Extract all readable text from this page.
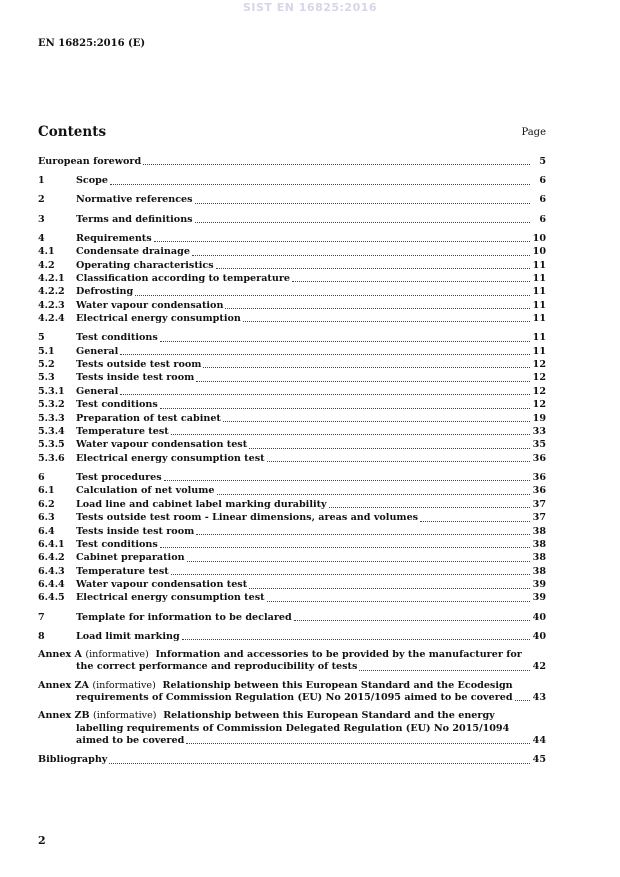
SIST EN 16825:2016
EN 16825:2016 (E)
Contents	Page
European foreword	5
1	Scope	6
2	Normative references	6
3	Terms and definitions	6
4	Requirements	10
4.1	Condensate drainage	10
4.2	Operating characteristics	11
4.2.1	Classification according to temperature	11
4.2.2	Defrosting	11
4.2.3	Water vapour condensation	11
4.2.4	Electrical energy consumption	11
5	Test conditions	11
5.1	General	11
5.2	Tests outside test room	12
5.3	Tests inside test room	12
5.3.1	General	12
5.3.2	Test conditions	12
5.3.3	Preparation of test cabinet	19
5.3.4	Temperature test	33
5.3.5	Water vapour condensation test	35
5.3.6	Electrical energy consumption test	36
6	Test procedures	36
6.1	Calculation of net volume	36
6.2	Load line and cabinet label marking durability	37
6.3	Tests outside test room - Linear dimensions, areas and volumes	37
6.4	Tests inside test room	38
6.4.1	Test conditions	38
6.4.2	Cabinet preparation	38
6.4.3	Temperature test	38
6.4.4	Water vapour condensation test	39
6.4.5	Electrical energy consumption test	39
7	Template for information to be declared	40
8	Load limit marking	40
Annex A (informative) Information and accessories to be provided by the manufacturer for
the correct performance and reproducibility of tests	42
Annex ZA (informative) Relationship between this European Standard and the Ecodesign
requirements of Commission Regulation (EU) No 2015/1095 aimed to be covered 43
Annex ZB (informative) Relationship between this European Standard and the energy
labelling requirements of Commission Delegated Regulation (EU) No 2015/1094
aimed to be covered	44
Bibliography	45
2
